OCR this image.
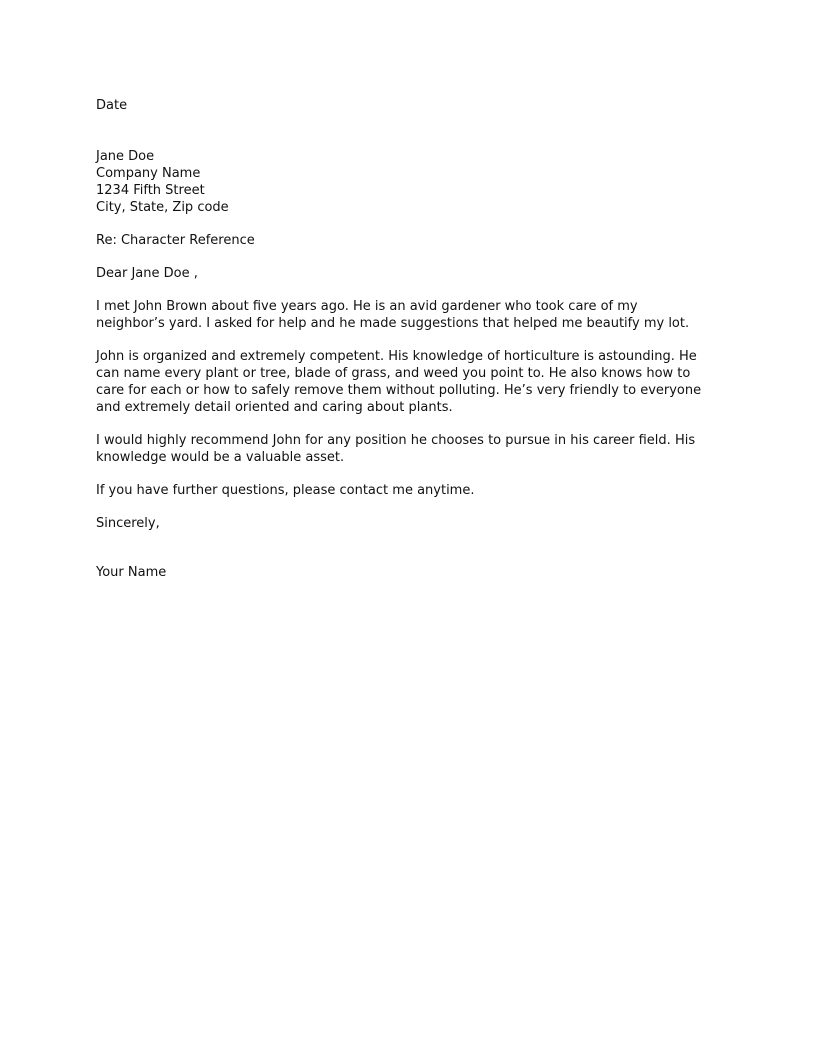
Date
Jane Doe
Company Name
1234 Fifth Street
City, State, Zip code
Re: Character Reference
Dear Jane Doe ,

I met John Brown about five years ago. He is an avid gardener who took care of my
neighbor’s yard. I asked for help and he made suggestions that helped me beautify my lot.

John is organized and extremely competent. His knowledge of horticulture is astounding. He
can name every plant or tree, blade of grass, and weed you point to. He also knows how to
care for each or how to safely remove them without polluting. He’s very friendly to everyone
and extremely detail oriented and caring about plants.

I would highly recommend John for any position he chooses to pursue in his career field. His
knowledge would be a valuable asset.

If you have further questions, please contact me anytime.

Sincerely,
Your Name
